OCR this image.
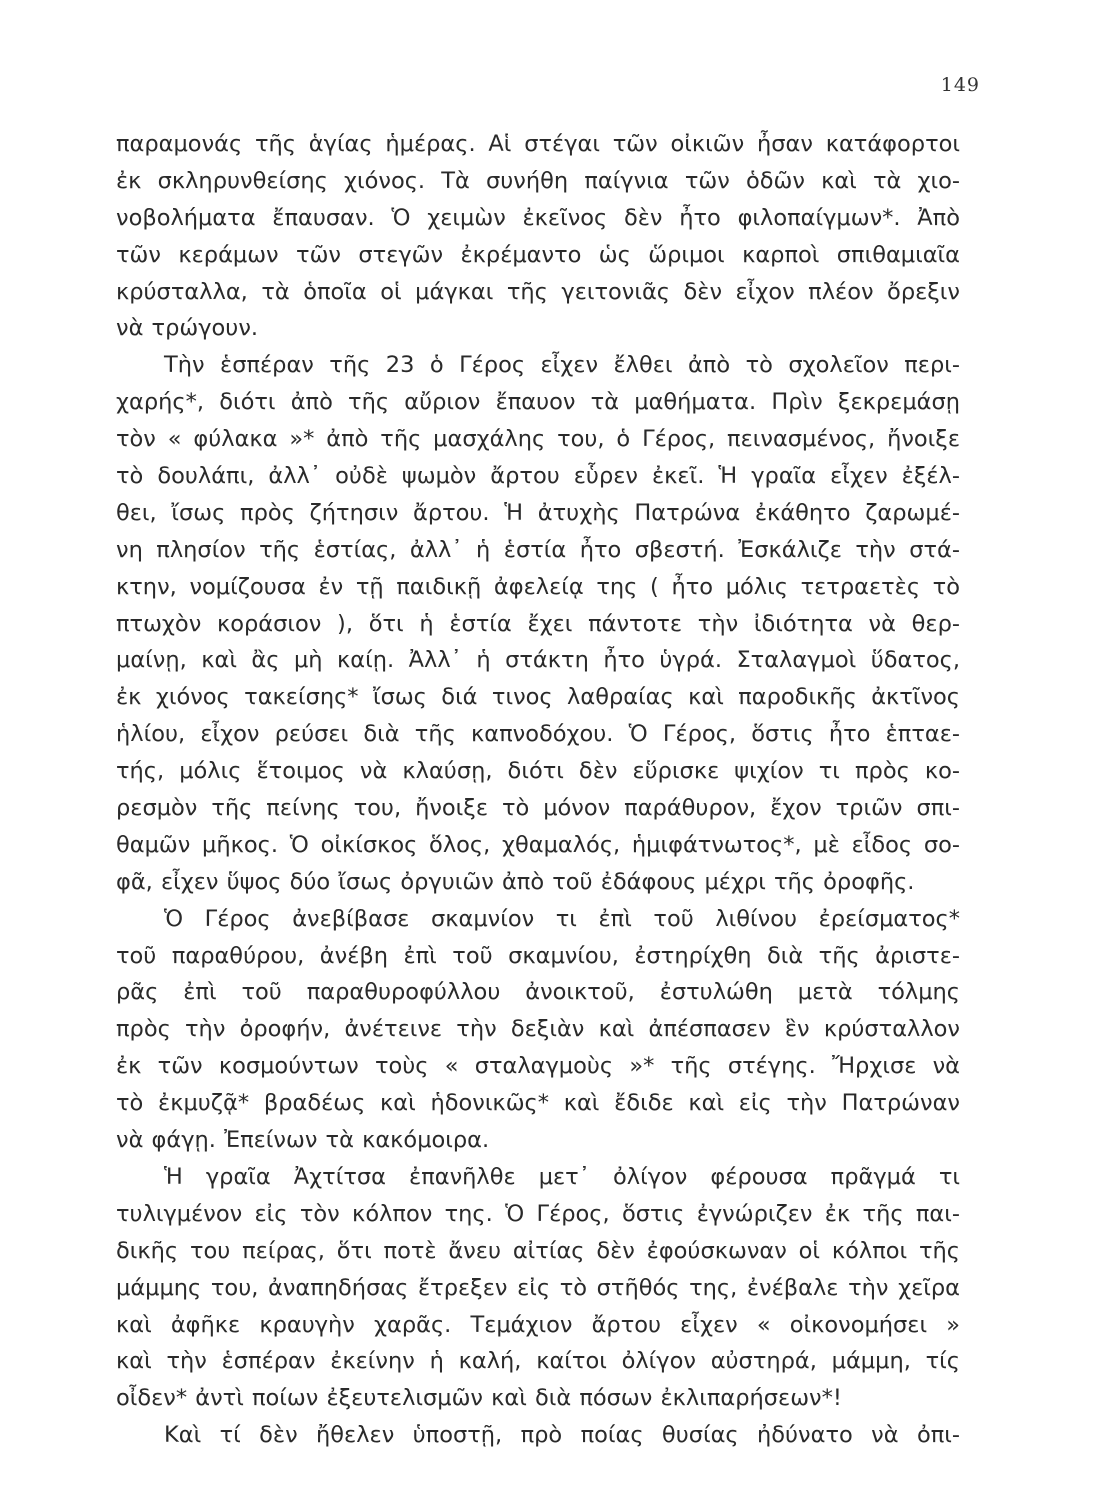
149
παραμονάς τῆς ἁγίας ἡμέρας. Αἱ στέγαι τῶν οἰκιῶν ἦσαν κατάφορτοι
ἐκ σκληρυνθείσης χιόνος. Τὰ συνήθη παίγνια τῶν ὁδῶν καὶ τὰ χιο-
νοβολήματα ἔπαυσαν. Ὁ χειμὼν ἐκεῖνος δὲν ἦτο φιλοπαίγμων*. Ἀπὸ
τῶν κεράμων τῶν στεγῶν ἐκρέμαντο ὡς ὥριμοι καρποὶ σπιθαμιαῖα
κρύσταλλα, τὰ ὁποῖα οἱ μάγκαι τῆς γειτονιᾶς δὲν εἶχον πλέον ὄρεξιν
νὰ τρώγουν.
Τὴν ἑσπέραν τῆς 23 ὁ Γέρος εἶχεν ἔλθει ἀπὸ τὸ σχολεῖον περι-
χαρής*, διότι ἀπὸ τῆς αὔριον ἔπαυον τὰ μαθήματα. Πρὶν ξεκρεμάσῃ
τὸν « φύλακα »* ἀπὸ τῆς μασχάλης του, ὁ Γέρος, πεινασμένος, ἤνοιξε
τὸ δουλάπι, ἀλλ᾽ οὐδὲ ψωμὸν ἄρτου εὗρεν ἐκεῖ. Ἡ γραῖα εἶχεν ἐξέλ-
θει, ἴσως πρὸς ζήτησιν ἄρτου. Ἡ ἀτυχὴς Πατρώνα ἐκάθητο ζαρωμέ-
νη πλησίον τῆς ἑστίας, ἀλλ᾽ ἡ ἑστία ἦτο σβεστή. Ἐσκάλιζε τὴν στά-
κτην, νομίζουσα ἐν τῇ παιδικῇ ἀφελείᾳ της ( ἦτο μόλις τετραετὲς τὸ
πτωχὸν κοράσιον ), ὅτι ἡ ἑστία ἔχει πάντοτε τὴν ἰδιότητα νὰ θερ-
μαίνῃ, καὶ ἂς μὴ καίῃ. Ἀλλ᾽ ἡ στάκτη ἦτο ὑγρά. Σταλαγμοὶ ὕδατος,
ἐκ χιόνος τακείσης* ἴσως διά τινος λαθραίας καὶ παροδικῆς ἀκτῖνος
ἡλίου, εἶχον ρεύσει διὰ τῆς καπνοδόχου. Ὁ Γέρος, ὅστις ἦτο ἑπταε-
τής, μόλις ἕτοιμος νὰ κλαύσῃ, διότι δὲν εὕρισκε ψιχίον τι πρὸς κο-
ρεσμὸν τῆς πείνης του, ἤνοιξε τὸ μόνον παράθυρον, ἔχον τριῶν σπι-
θαμῶν μῆκος. Ὁ οἰκίσκος ὅλος, χθαμαλός, ἡμιφάτνωτος*, μὲ εἶδος σο-
φᾶ, εἶχεν ὕψος δύο ἴσως ὀργυιῶν ἀπὸ τοῦ ἐδάφους μέχρι τῆς ὀροφῆς.
Ὁ Γέρος ἀνεβίβασε σκαμνίον τι ἐπὶ τοῦ λιθίνου ἐρείσματος*
τοῦ παραθύρου, ἀνέβη ἐπὶ τοῦ σκαμνίου, ἐστηρίχθη διὰ τῆς ἀριστε-
ρᾶς ἐπὶ τοῦ παραθυροφύλλου ἀνοικτοῦ, ἐστυλώθη μετὰ τόλμης
πρὸς τὴν ὀροφήν, ἀνέτεινε τὴν δεξιὰν καὶ ἀπέσπασεν ἓν κρύσταλλον
ἐκ τῶν κοσμούντων τοὺς « σταλαγμοὺς »* τῆς στέγης. Ἤρχισε νὰ
τὸ ἐκμυζᾷ* βραδέως καὶ ἡδονικῶς* καὶ ἔδιδε καὶ εἰς τὴν Πατρώναν
νὰ φάγῃ. Ἐπείνων τὰ κακόμοιρα.
Ἡ γραῖα Ἀχτίτσα ἐπανῆλθε μετ᾽ ὀλίγον φέρουσα πρᾶγμά τι
τυλιγμένον εἰς τὸν κόλπον της. Ὁ Γέρος, ὅστις ἐγνώριζεν ἐκ τῆς παι-
δικῆς του πείρας, ὅτι ποτὲ ἄνευ αἰτίας δὲν ἐφούσκωναν οἱ κόλποι τῆς
μάμμης του, ἀναπηδήσας ἔτρεξεν εἰς τὸ στῆθός της, ἐνέβαλε τὴν χεῖρα
καὶ ἀφῆκε κραυγὴν χαρᾶς. Τεμάχιον ἄρτου εἶχεν « οἰκονομήσει »
καὶ τὴν ἑσπέραν ἐκείνην ἡ καλή, καίτοι ὀλίγον αὐστηρά, μάμμη, τίς
οἶδεν* ἀντὶ ποίων ἐξευτελισμῶν καὶ διὰ πόσων ἐκλιπαρήσεων*!
Καὶ τί δὲν ἤθελεν ὑποστῇ, πρὸ ποίας θυσίας ἠδύνατο νὰ ὀπι-
